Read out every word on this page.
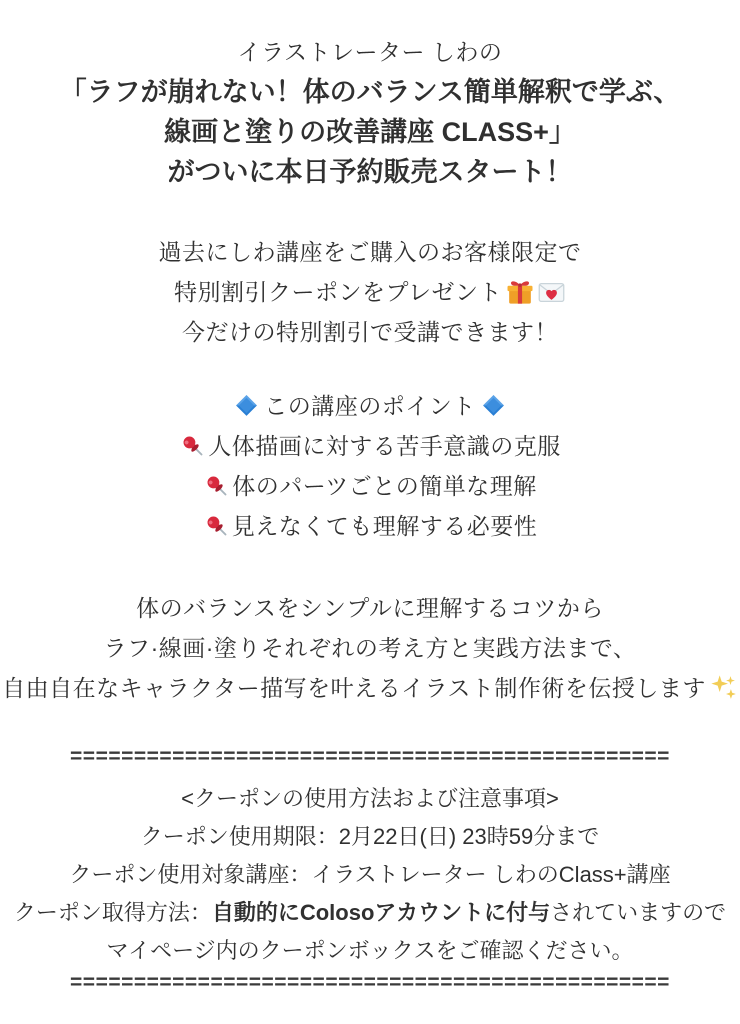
イラストレーター しわの
「ラフが崩れない！体のバランス簡単解釈で学ぶ、
線画と塗りの改善講座 CLASS+」
がついに本日予約販売スタート！
過去にしわ講座をご購入のお客様限定で
特別割引クーポンをプレゼント
今だけの特別割引で受講できます！
この講座のポイント
人体描画に対する苦手意識の克服
体のパーツごとの簡単な理解
見えなくても理解する必要性
体のバランスをシンプルに理解するコツから
ラフ·線画·塗りそれぞれの考え方と実践方法まで、
自由自在なキャラクター描写を叶えるイラスト制作術を伝授します
===============================================
<クーポンの使用方法および注意事項>
クーポン使用期限：2月22日(日) 23時59分まで
クーポン使用対象講座：イラストレーター しわのClass+講座
クーポン取得方法：自動的にColosoアカウントに付与されていますので
マイページ内のクーポンボックスをご確認ください。
===============================================
